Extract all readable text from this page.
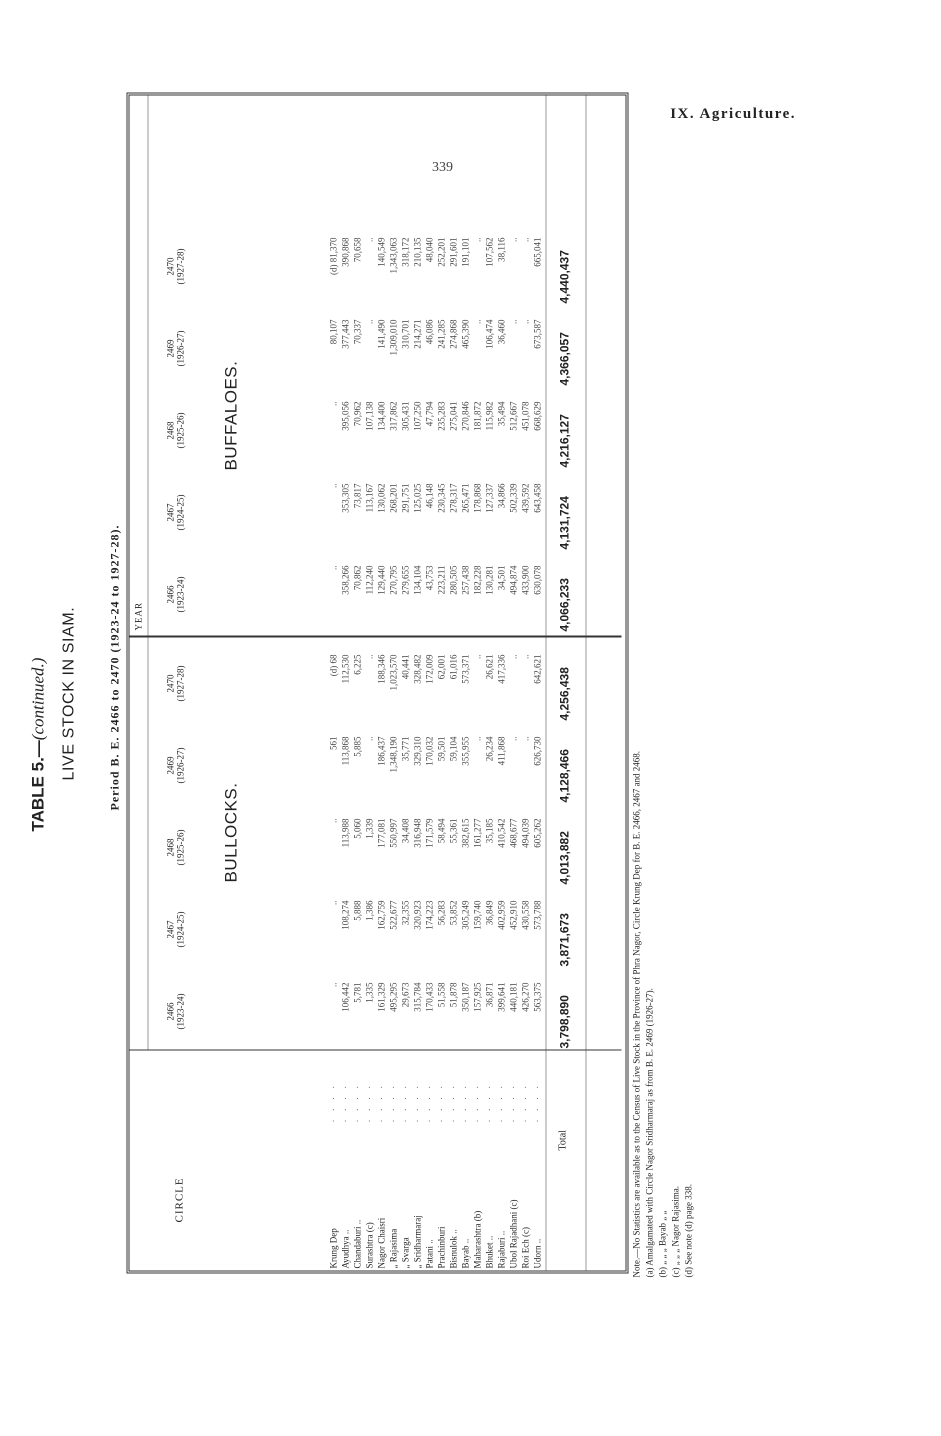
IX. Agriculture.
339
TABLE 5.—(continued.) LIVE STOCK IN SIAM.	Period B. E. 2466 to 2470 (1923-24 to 1927-28).
CIRCLE
YEAR
BULLOCKS.
BUFFALOES.
2466 (1923-24)
2467 (1924-25)
2468 (1925-26)
2469 (1926-27)
2470 (1927-28)
2466 (1923-24)
2467 (1924-25)
2468 (1925-26)
2469 (1926-27)
2470 (1927-28)
Krung Dep Ayudhya .. Chandaburi .. Surashtra (c) Nagor Chaisri „ Rajasima „ Svarga „ Sridharmaraj Patani .. Prachinburi Bisnulok .. Bayab .. Maharashtra (b) Bhuket .. Rajaburi .. Ubol Rajadhani (c) Roi Ech (c) Udorn ..
· · · · · · · · · · · · · · · · · · · · · · · · · · · · · · · · · · · · · · · · · · · · · · · · · · · · · · · · · · · · · · · · · · · · · · · ·
.. 106,442 5,781 1,335 161,329 495,295 29,673 315,784 170,433 51,558 51,878 350,187 157,925 36,871 399,641 440,181 426,270 563,375
.. 108,274 5,888 1,386 162,759 522,677 32,355 320,923 174,223 56,283 53,852 305,249 159,740 36,849 402,959 452,910 430,558 573,788
.. 113,988 5,060 1,339 177,081 550,997 34,408 316,948 171,579 58,494 55,361 382,615 161,277 35,185 410,542 468,677 494,039 605,262
561 113,868 5,885 .. 186,437 1,348,190 35,771 329,310 170,032 59,501 59,104 355,955 .. 26,234 411,868 .. .. 626,730
(d) 68 112,530 6,225 .. 188,346 1,023,570 40,441 328,482 172,009 62,001 61,016 573,371 .. 26,621 417,336 .. .. 642,621
.. 358,266 70,862 112,240 129,440 270,795 279,655 134,104 43,753 223,211 280,505 257,438 182,228 130,281 34,501 494,874 433,900 630,078
.. 353,305 73,817 113,167 130,062 268,201 291,751 125,025 46,148 230,345 278,317 265,471 178,868 127,337 34,866 502,339 439,592 643,458
.. 395,056 70,962 107,138 134,400 317,862 305,431 107,250 47,794 235,283 275,041 270,846 181,872 115,982 35,494 512,667 451,078 668,629
80,107 377,443 70,337 .. 141,490 1,309,010 310,701 214,271 46,086 241,285 274,868 465,390 .. 106,474 36,460 .. .. 673,587
(d) 81,370 390,868 70,658 .. 140,549 1,343,063 318,172 210,135 48,040 252,201 291,601 191,101 .. 107,562 38,116 .. .. 665,041
Total
3,798,890
3,871,673
4,013,882
4,128,466
4,256,438
4,066,233
4,131,724
4,216,127
4,366,057
4,440,437
Note.—No Statistics are available as to the Census of Live Stock in the Province of Phra Nagor, Circle Krung Dep for B. E. 2466, 2467 and 2468. (a) Amalgamated with Circle Nagor Sridharmaraj as from B. E. 2469 (1926-27). (b) „ „ „ Bayab „ „ (c) „ „ „ Nagor Rajasima. (d) See note (d) page 338.
